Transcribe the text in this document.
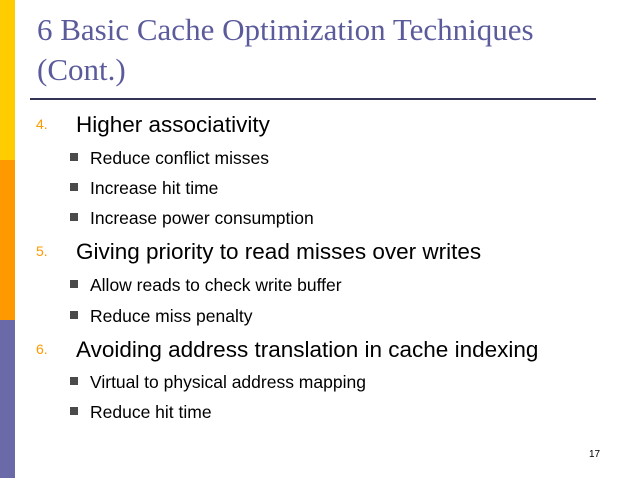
6 Basic Cache Optimization Techniques
(Cont.)
4. Higher associativity
Reduce conflict misses
Increase hit time
Increase power consumption
5. Giving priority to read misses over writes
Allow reads to check write buffer
Reduce miss penalty
6. Avoiding address translation in cache indexing
Virtual to physical address mapping
Reduce hit time
17
